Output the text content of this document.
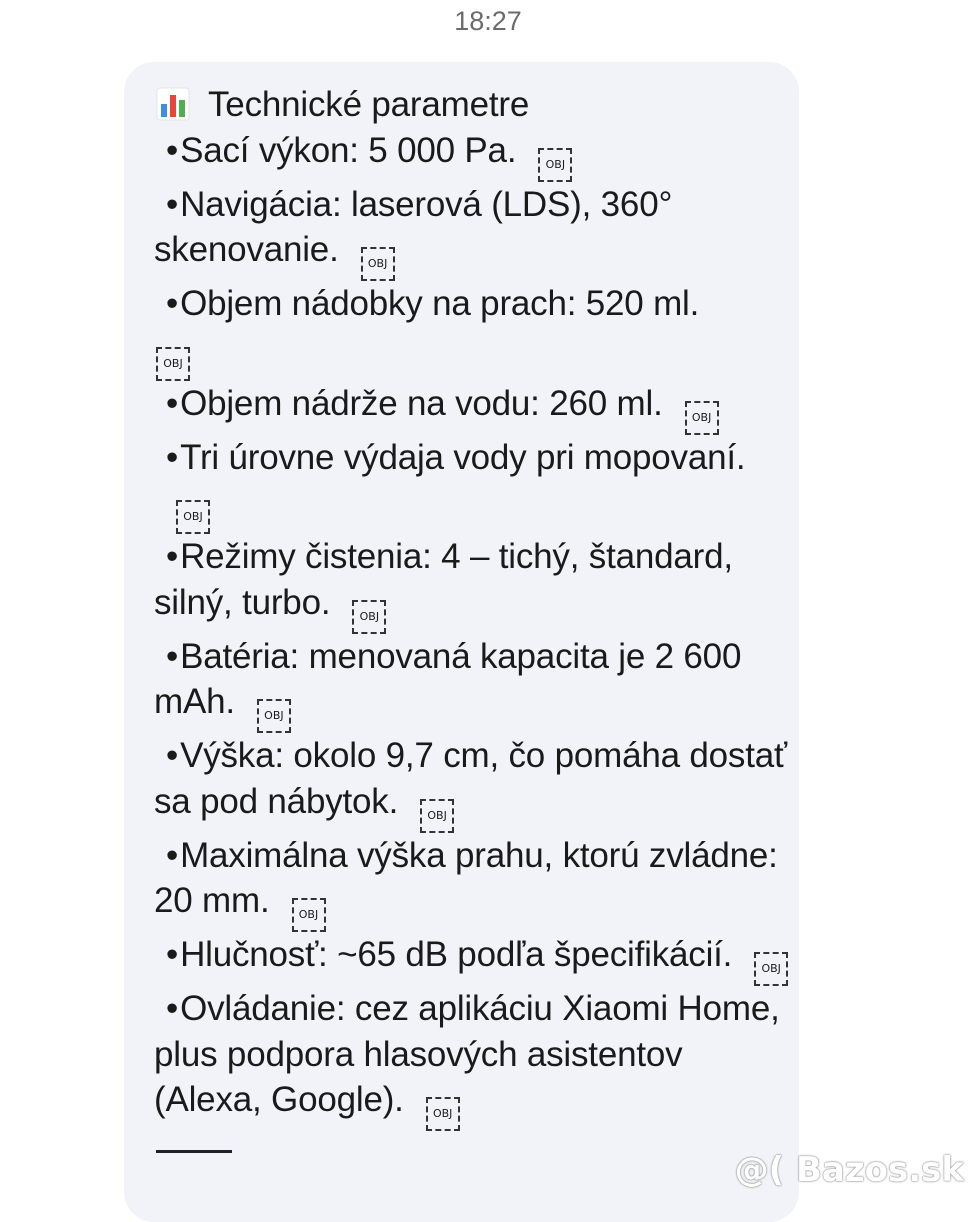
18:27
Technické parametre
•Sací výkon: 5 000 Pa.	OBJ
•Navigácia: laserová (LDS), 360° skenovanie.	OBJ
•Objem nádobky na prach: 520 ml.
OBJ
•Objem nádrže na vodu: 260 ml.	OBJ
•Tri úrovne výdaja vody pri mopovaní.OBJ
•Režimy čistenia: 4 – tichý, štandard, silný, turbo.	OBJ
•Batéria: menovaná kapacita je 2 600 mAh.	OBJ
•Výška: okolo 9,7 cm, čo pomáha dostať sa pod nábytok.	OBJ
•Maximálna výška prahu, ktorú zvládne: 20 mm.	OBJ
•Hlučnosť: ~65 dB podľa špecifikácií.	OBJ
•Ovládanie: cez aplikáciu Xiaomi Home, plus podpora hlasových asistentov (Alexa, Google).	OBJ
@( Bazos.sk
